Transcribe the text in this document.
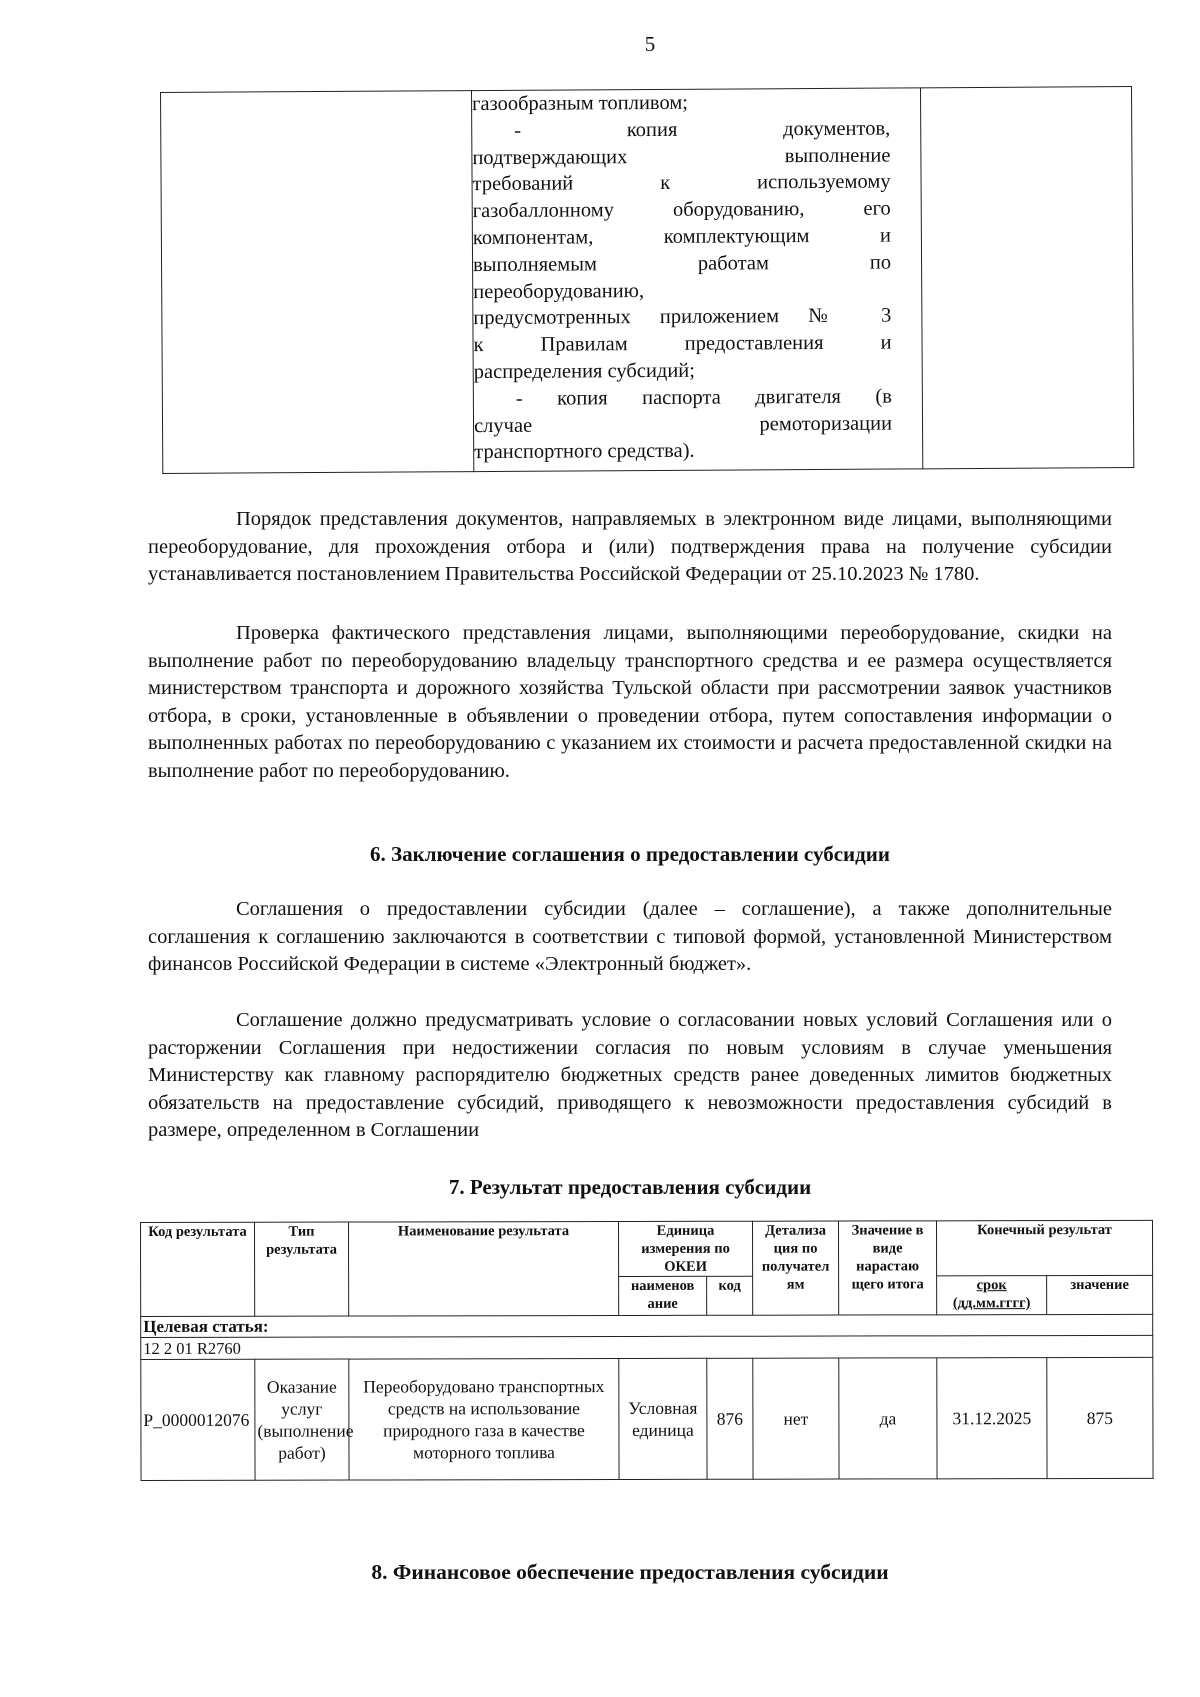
5

газообразным топливом;
- копия документов,
подтверждающих выполнение
требований к используемому
газобаллонному оборудованию, его
компонентам, комплектующим и
выполняемым работам по
переоборудованию,
предусмотренных приложением № 3
к Правилам предоставления и
распределения субсидий;
- копия паспорта двигателя (в
случае ремоторизации
транспортного средства).

Порядок представления документов, направляемых в электронном виде лицами, выполняющими переоборудование, для прохождения отбора и (или) подтверждения права на получение субсидии устанавливается постановлением Правительства Российской Федерации от 25.10.2023 № 1780.
Проверка фактического представления лицами, выполняющими переоборудование, скидки на выполнение работ по переоборудованию владельцу транспортного средства и ее размера осуществляется министерством транспорта и дорожного хозяйства Тульской области при рассмотрении заявок участников отбора, в сроки, установленные в объявлении о проведении отбора, путем сопоставления информации о выполненных работах по переоборудованию с указанием их стоимости и расчета предоставленной скидки на выполнение работ по переоборудованию.
6. Заключение соглашения о предоставлении субсидии
Соглашения о предоставлении субсидии (далее – соглашение), а также дополнительные соглашения к соглашению заключаются в соответствии с типовой формой, установленной Министерством финансов Российской Федерации в системе «Электронный бюджет».
Соглашение должно предусматривать условие о согласовании новых условий Соглашения или о расторжении Соглашения при недостижении согласия по новым условиям в случае уменьшения Министерству как главному распорядителю бюджетных средств ранее доведенных лимитов бюджетных обязательств на предоставление субсидий, приводящего к невозможности предоставления субсидий в размере, определенном в Соглашении
7. Результат предоставления субсидии
Код результата	Тип результата	Наименование результата	Единица измерения по ОКЕИ		Детализа ция по получател ям	Значение в виде нарастаю щего итога	Конечный результат	
			наименов ание	код			срок (дд.мм.гггг)	значение
Целевая статья:								
12 2 01 R2760								
P_0000012076	Оказание услуг (выполнение работ)	Переоборудовано транспортных средств на использование природного газа в качестве моторного топлива	Условная единица	876	нет	да	31.12.2025	875
8. Финансовое обеспечение предоставления субсидии
